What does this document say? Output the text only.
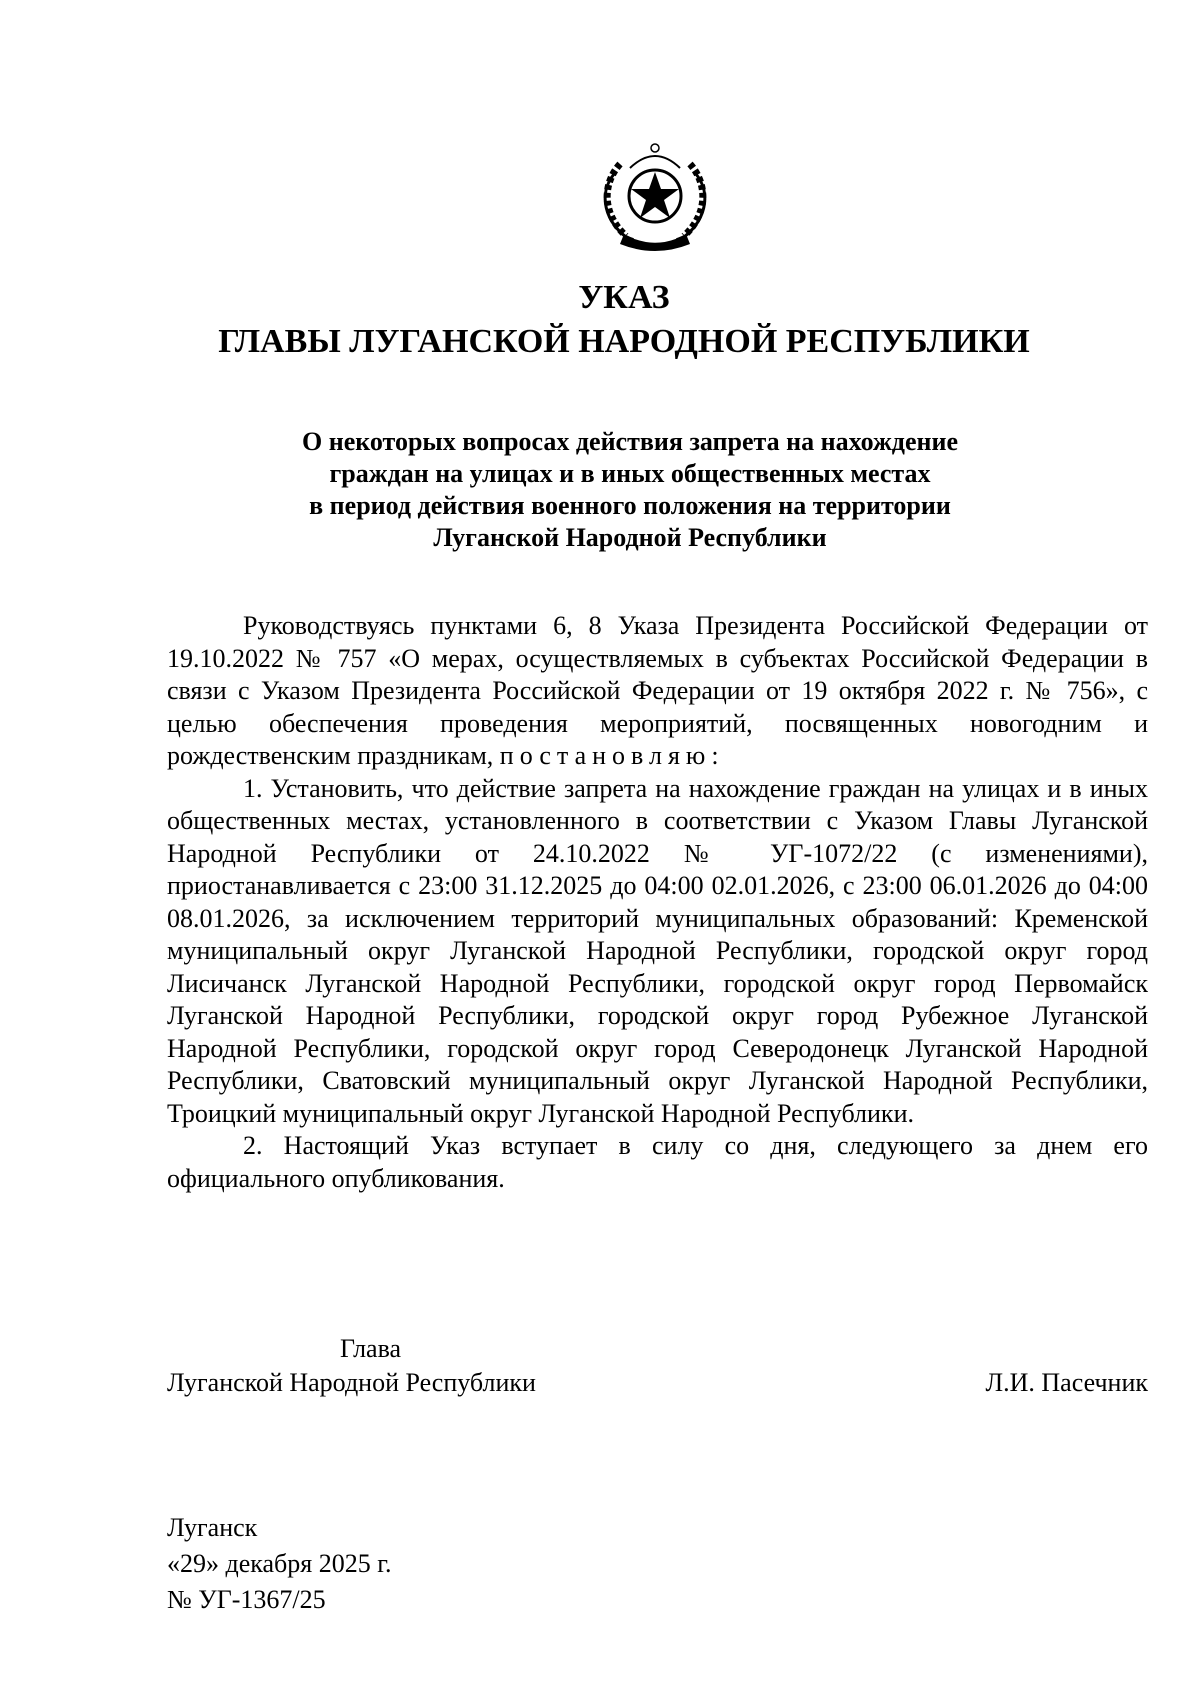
УКАЗ
ГЛАВЫ ЛУГАНСКОЙ НАРОДНОЙ РЕСПУБЛИКИ
О некоторых вопросах действия запрета на нахождение
граждан на улицах и в иных общественных местах
в период действия военного положения на территории
Луганской Народной Республики

Руководствуясь пунктами 6, 8 Указа Президента Российской Федерации от 19.10.2022 № 757 «О мерах, осуществляемых в субъектах Российской Федерации в связи с Указом Президента Российской Федерации от 19 октября 2022 г. № 756», с целью обеспечения проведения мероприятий, посвященных новогодним и рождественским праздникам, постановляю:

1. Установить, что действие запрета на нахождение граждан на улицах и в иных общественных местах, установленного в соответствии с Указом Главы Луганской Народной Республики от 24.10.2022 № УГ-1072/22 (с изменениями), приостанавливается с 23:00 31.12.2025 до 04:00 02.01.2026, с 23:00 06.01.2026 до 04:00 08.01.2026, за исключением территорий муниципальных образований: Кременской муниципальный округ Луганской Народной Республики, городской округ город Лисичанск Луганской Народной Республики, городской округ город Первомайск Луганской Народной Республики, городской округ город Рубежное Луганской Народной Республики, городской округ город Северодонецк Луганской Народной Республики, Сватовский муниципальный округ Луганской Народной Республики, Троицкий муниципальный округ Луганской Народной Республики.

2. Настоящий Указ вступает в силу со дня, следующего за днем его официального опубликования.

Глава
Луганской Народной Республики	Л.И. Пасечник
Луганск
«29» декабря 2025 г.
№ УГ-1367/25
